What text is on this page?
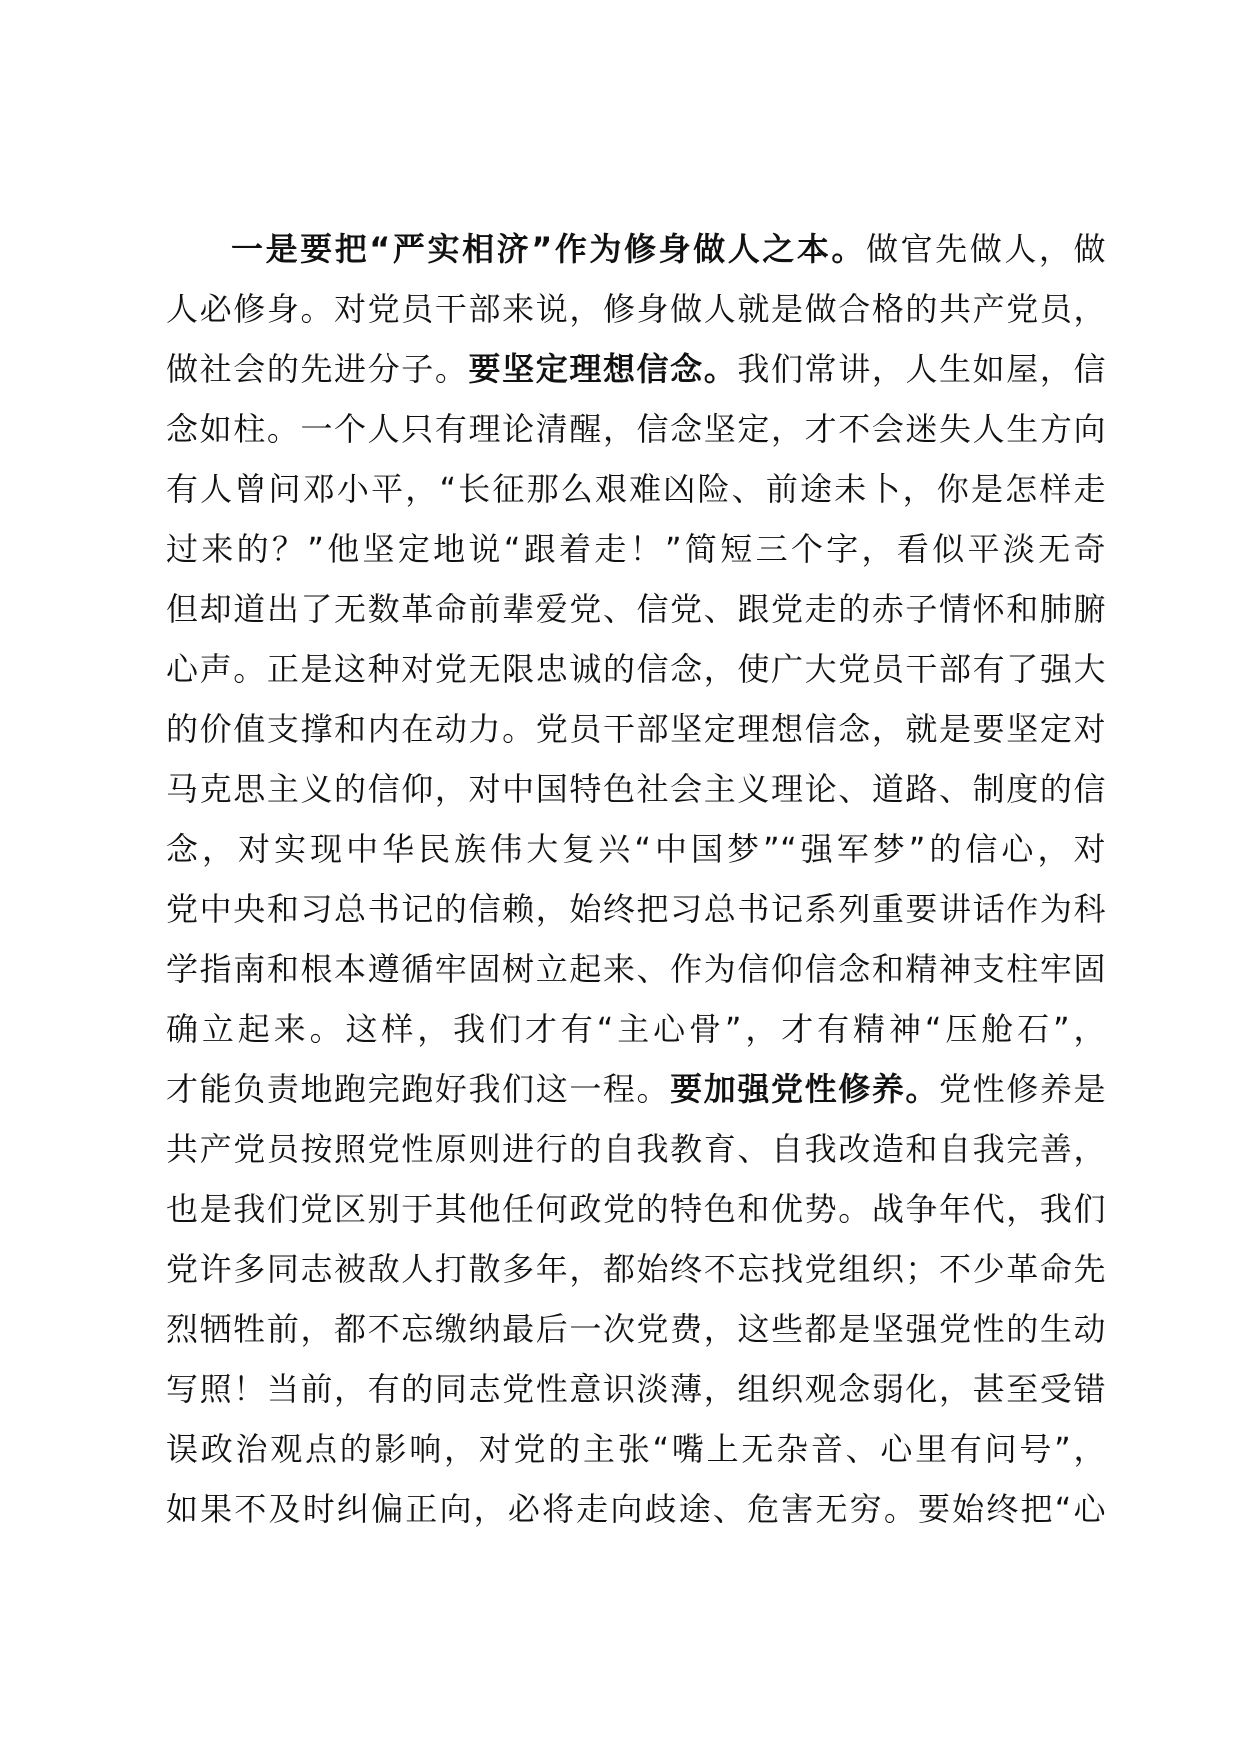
一是要把“严实相济”作为修身做人之本。做官先做人，做
人必修身。对党员干部来说，修身做人就是做合格的共产党员，
做社会的先进分子。要坚定理想信念。我们常讲，人生如屋，信
念如柱。一个人只有理论清醒，信念坚定，才不会迷失人生方向
有人曾问邓小平，“长征那么艰难凶险、前途未卜，你是怎样走
过来的？”他坚定地说“跟着走！”简短三个字，看似平淡无奇
但却道出了无数革命前辈爱党、信党、跟党走的赤子情怀和肺腑
心声。正是这种对党无限忠诚的信念，使广大党员干部有了强大
的价值支撑和内在动力。党员干部坚定理想信念，就是要坚定对
马克思主义的信仰，对中国特色社会主义理论、道路、制度的信
念，对实现中华民族伟大复兴“中国梦”“强军梦”的信心，对
党中央和习总书记的信赖，始终把习总书记系列重要讲话作为科
学指南和根本遵循牢固树立起来、作为信仰信念和精神支柱牢固
确立起来。这样，我们才有“主心骨”，才有精神“压舱石”，
才能负责地跑完跑好我们这一程。要加强党性修养。党性修养是
共产党员按照党性原则进行的自我教育、自我改造和自我完善，
也是我们党区别于其他任何政党的特色和优势。战争年代，我们
党许多同志被敌人打散多年，都始终不忘找党组织；不少革命先
烈牺牲前，都不忘缴纳最后一次党费，这些都是坚强党性的生动
写照！当前，有的同志党性意识淡薄，组织观念弱化，甚至受错
误政治观点的影响，对党的主张“嘴上无杂音、心里有问号”，
如果不及时纠偏正向，必将走向歧途、危害无穷。要始终把“心
